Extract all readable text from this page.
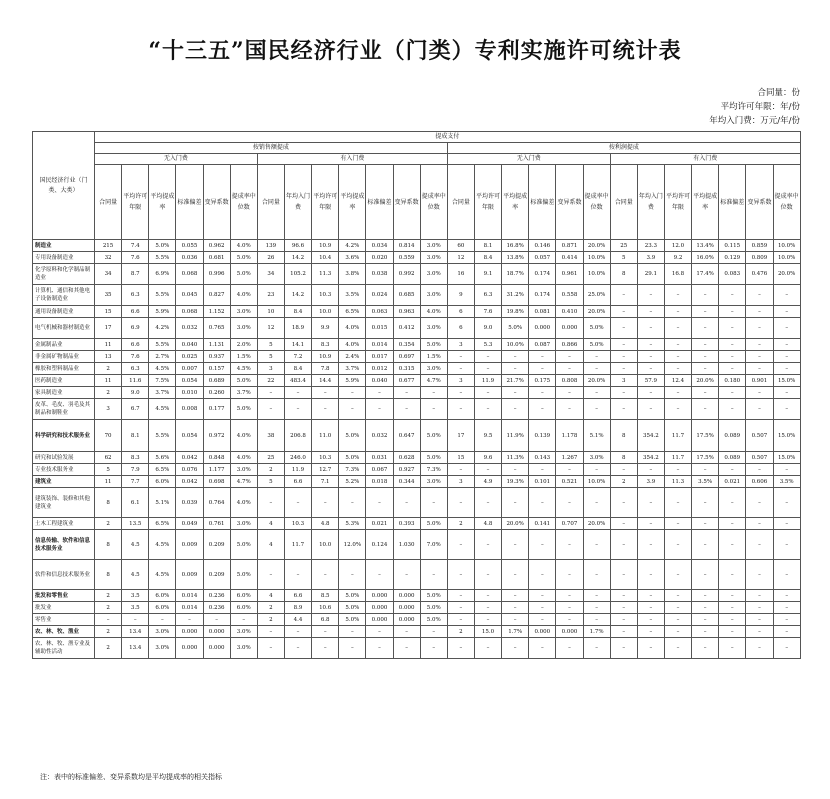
“十三五”国民经济行业（门类）专利实施许可统计表
合同量：份
平均许可年限：年/份
年均入门费：万元/年/份
国民经济行业（门类、大类）	提成支付																									
	按销售额提成													按利润提成												
	无入门费						有入门费							无入门费						有入门费						
	合同量	平均许可年限	平均提成率	标准偏差	变异系数	提成率中位数	合同量	年均入门费	平均许可年限	平均提成率	标准偏差	变异系数	提成率中位数	合同量	平均许可年限	平均提成率	标准偏差	变异系数	提成率中位数	合同量	年均入门费	平均许可年限	平均提成率	标准偏差	变异系数	提成率中位数
制造业	215	7.4	5.0%	0.055	0.962	4.0%	139	96.6	10.9	4.2%	0.034	0.814	3.0%	60	8.1	16.8%	0.146	0.871	20.0%	25	23.3	12.0	13.4%	0.115	0.859	10.0%
专用设备制造业	32	7.6	5.5%	0.036	0.681	5.0%	26	14.2	10.4	3.6%	0.020	0.559	3.0%	12	8.4	13.8%	0.057	0.414	10.0%	5	3.9	9.2	16.0%	0.129	0.809	10.0%
化学原料和化学制品制造业	34	8.7	6.9%	0.068	0.996	5.0%	34	105.2	11.3	3.8%	0.038	0.992	3.0%	16	9.1	18.7%	0.174	0.961	10.0%	8	29.1	16.8	17.4%	0.083	0.476	20.0%
计算机、通信和其他电子设备制造业	35	6.3	5.5%	0.045	0.827	4.0%	23	14.2	10.3	3.5%	0.024	0.685	3.0%	9	6.3	31.2%	0.174	0.558	25.0%	–	–	–	–	–	–	–
通用设备制造业	15	6.6	5.9%	0.068	1.152	3.0%	10	8.4	10.0	6.5%	0.063	0.963	4.0%	6	7.6	19.8%	0.081	0.410	20.0%	–	–	–	–	–	–	–
电气机械和器材制造业	17	6.9	4.2%	0.032	0.765	3.0%	12	18.9	9.9	4.0%	0.015	0.412	3.0%	6	9.0	5.0%	0.000	0.000	5.0%	–	–	–	–	–	–	–
金属制品业	11	6.6	5.5%	0.040	1.131	2.0%	5	14.1	8.3	4.0%	0.014	0.354	5.0%	3	5.3	10.0%	0.087	0.866	5.0%	–	–	–	–	–	–	–
非金属矿物制品业	13	7.6	2.7%	0.025	0.937	1.5%	5	7.2	10.9	2.4%	0.017	0.697	1.5%	–	–	–	–	–	–	–	–	–	–	–	–	–
橡胶和塑料制品业	2	6.3	4.5%	0.007	0.157	4.5%	3	8.4	7.8	3.7%	0.012	0.315	3.0%	–	–	–	–	–	–	–	–	–	–	–	–	–
医药制造业	11	11.6	7.5%	0.054	0.689	5.0%	22	483.4	14.4	5.9%	0.040	0.677	4.7%	3	11.9	21.7%	0.175	0.808	20.0%	3	57.9	12.4	20.0%	0.180	0.901	15.0%
家具制造业	2	9.0	3.7%	0.010	0.260	3.7%	–	–	–	–	–	–	–	–	–	–	–	–	–	–	–	–	–	–	–	–
皮革、毛皮、羽毛及其制品和制鞋业	3	6.7	4.5%	0.008	0.177	5.0%	–	–	–	–	–	–	–	–	–	–	–	–	–	–	–	–	–	–	–	–
科学研究和技术服务业	70	8.1	5.5%	0.054	0.972	4.0%	38	206.8	11.0	5.0%	0.032	0.647	5.0%	17	9.5	11.9%	0.139	1.178	5.1%	8	354.2	11.7	17.5%	0.089	0.507	15.0%
研究和试验发展	62	8.3	5.6%	0.042	0.848	4.0%	25	246.0	10.3	5.0%	0.031	0.628	5.0%	15	9.6	11.3%	0.143	1.267	3.0%	8	354.2	11.7	17.5%	0.089	0.507	15.0%
专业技术服务业	5	7.9	6.5%	0.076	1.177	3.0%	2	11.9	12.7	7.3%	0.067	0.927	7.3%	–	–	–	–	–	–	–	–	–	–	–	–	–
建筑业	11	7.7	6.0%	0.042	0.698	4.7%	5	6.6	7.1	5.2%	0.018	0.344	3.0%	3	4.9	19.3%	0.101	0.521	10.0%	2	3.9	11.3	3.5%	0.021	0.606	3.5%
建筑装饰、装修和其他建筑业	8	6.1	5.1%	0.039	0.764	4.0%	–	–	–	–	–	–	–	–	–	–	–	–	–	–	–	–	–	–	–	–
土木工程建筑业	2	13.5	6.5%	0.049	0.761	3.0%	4	10.3	4.8	5.3%	0.021	0.393	5.0%	2	4.8	20.0%	0.141	0.707	20.0%	–	–	–	–	–	–	–
信息传输、软件和信息技术服务业	8	4.5	4.5%	0.009	0.209	5.0%	4	11.7	10.0	12.0%	0.124	1.030	7.0%	–	–	–	–	–	–	–	–	–	–	–	–	–
软件和信息技术服务业	8	4.5	4.5%	0.009	0.209	5.0%	–	–	–	–	–	–	–	–	–	–	–	–	–	–	–	–	–	–	–	–
批发和零售业	2	3.5	6.0%	0.014	0.236	6.0%	4	6.6	8.5	5.0%	0.000	0.000	5.0%	–	–	–	–	–	–	–	–	–	–	–	–	–
批发业	2	3.5	6.0%	0.014	0.236	6.0%	2	8.9	10.6	5.0%	0.000	0.000	5.0%	–	–	–	–	–	–	–	–	–	–	–	–	–
零售业	–	–	–	–	–	–	2	4.4	6.8	5.0%	0.000	0.000	5.0%	–	–	–	–	–	–	–	–	–	–	–	–	–
农、林、牧、渔业	2	13.4	3.0%	0.000	0.000	3.0%	–	–	–	–	–	–	–	2	15.0	1.7%	0.000	0.000	1.7%	–	–	–	–	–	–	–
农、林、牧、渔专业及辅助性活动	2	13.4	3.0%	0.000	0.000	3.0%	–	–	–	–	–	–	–	–	–	–	–	–	–	–	–	–	–	–	–	–
注：表中的标准偏差、变异系数均是平均提成率的相关指标
